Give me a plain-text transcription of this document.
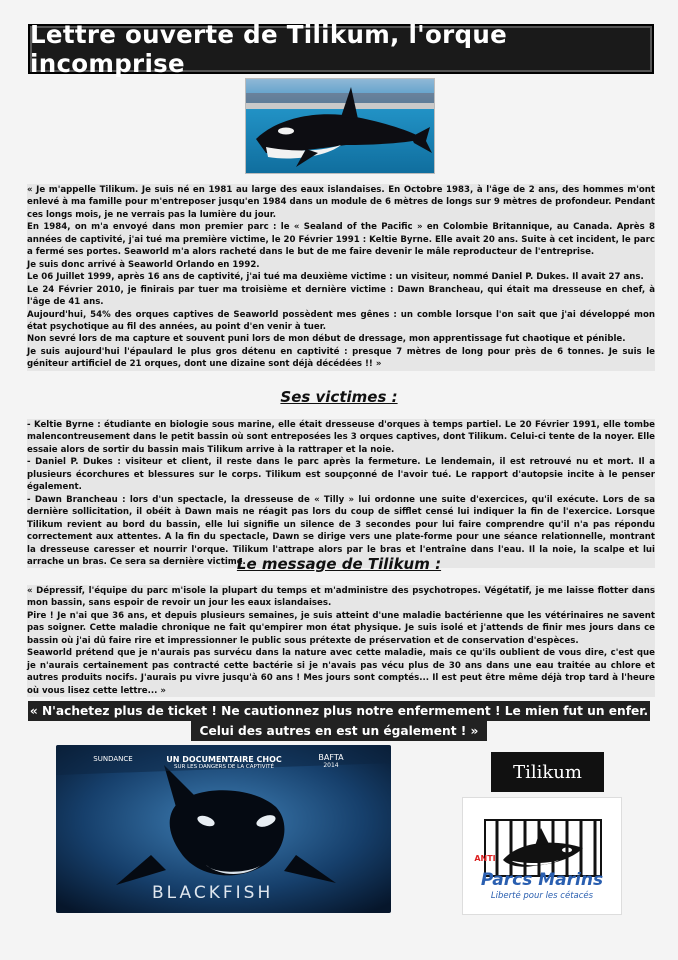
Lettre ouverte de Tilikum, l'orque incomprise

« Je m'appelle Tilikum. Je suis né en 1981 au large des eaux islandaises. En Octobre 1983, à l'âge de 2 ans, des hommes m'ont enlevé à ma famille pour m'entreposer jusqu'en 1984 dans un module de 6 mètres de longs sur 9 mètres de profondeur. Pendant ces longs mois, je ne verrais pas la lumière du jour.

En 1984, on m'a envoyé dans mon premier parc : le « Sealand of the Pacific » en Colombie Britannique, au Canada. Après 8 années de captivité, j'ai tué ma première victime, le 20 Février 1991 : Keltie Byrne. Elle avait 20 ans. Suite à cet incident, le parc a fermé ses portes. Seaworld m'a alors racheté dans le but de me faire devenir le mâle reproducteur de l'entreprise.

Je suis donc arrivé à Seaworld Orlando en 1992.

Le 06 Juillet 1999, après 16 ans de captivité, j'ai tué ma deuxième victime : un visiteur, nommé Daniel P. Dukes. Il avait 27 ans.

Le 24 Février 2010, je finirais par tuer ma troisième et dernière victime : Dawn Brancheau, qui était ma dresseuse en chef, à l'âge de 41 ans.

Aujourd'hui, 54% des orques captives de Seaworld possèdent mes gênes : un comble lorsque l'on sait que j'ai développé mon état psychotique au fil des années, au point d'en venir à tuer.

Non sevré lors de ma capture et souvent puni lors de mon début de dressage, mon apprentissage fut chaotique et pénible.

Je suis aujourd'hui l'épaulard le plus gros détenu en captivité : presque 7 mètres de long pour près de 6 tonnes. Je suis le géniteur artificiel de 21 orques, dont une dizaine sont déjà décédées !! »

Ses victimes :

- Keltie Byrne : étudiante en biologie sous marine, elle était dresseuse d'orques à temps partiel. Le 20 Février 1991, elle tombe malencontreusement dans le petit bassin où sont entreposées les 3 orques captives, dont Tilikum. Celui-ci tente de la noyer. Elle essaie alors de sortir du bassin mais Tilikum arrive à la rattraper et la noie.

- Daniel P. Dukes : visiteur et client, il reste dans le parc après la fermeture. Le lendemain, il est retrouvé nu et mort. Il a plusieurs écorchures et blessures sur le corps. Tilikum est soupçonné de l'avoir tué. Le rapport d'autopsie incite à le penser également.

- Dawn Brancheau : lors d'un spectacle, la dresseuse de « Tilly » lui ordonne une suite d'exercices, qu'il exécute. Lors de sa dernière sollicitation, il obéit à Dawn mais ne réagit pas lors du coup de sifflet censé lui indiquer la fin de l'exercice. Lorsque Tilikum revient au bord du bassin, elle lui signifie un silence de 3 secondes pour lui faire comprendre qu'il n'a pas répondu correctement aux attentes. A la fin du spectacle, Dawn se dirige vers une plate-forme pour une séance relationnelle, montrant la dresseuse caresser et nourrir l'orque. Tilikum l'attrape alors par le bras et l'entraîne dans l'eau. Il la noie, la scalpe et lui arrache un bras. Ce sera sa dernière victime.

Le message de Tilikum :

« Dépressif, l'équipe du parc m'isole la plupart du temps et m'administre des psychotropes. Végétatif, je me laisse flotter dans mon bassin, sans espoir de revoir un jour les eaux islandaises.

Pire ! Je n'ai que 36 ans, et depuis plusieurs semaines, je suis atteint d'une maladie bactérienne que les vétérinaires ne savent pas soigner. Cette maladie chronique ne fait qu'empirer mon état physique. Je suis isolé et j'attends de finir mes jours dans ce bassin où j'ai dû faire rire et impressionner le public sous prétexte de préservation et de conservation d'espèces.

Seaworld prétend que je n'aurais pas survécu dans la nature avec cette maladie, mais ce qu'ils oublient de vous dire, c'est que je n'aurais certainement pas contracté cette bactérie si je n'avais pas vécu plus de 30 ans dans une eau traitée au chlore et autres produits nocifs. J'aurais pu vivre jusqu'à 60 ans ! Mes jours sont comptés... Il est peut être même déjà trop tard à l'heure où vous lisez cette lettre... »

« N'achetez plus de ticket ! Ne cautionnez plus notre enfermement ! Le mien fut un enfer.
Celui des autres en est un également ! »
SUNDANCE	UN DOCUMENTAIRE CHOC
SUR LES DANGERS DE LA CAPTIVITÉ
BAFTA
2014
BLACKFISH
Tilikum
ANTI
Parcs Marins
Liberté pour les cétacés
